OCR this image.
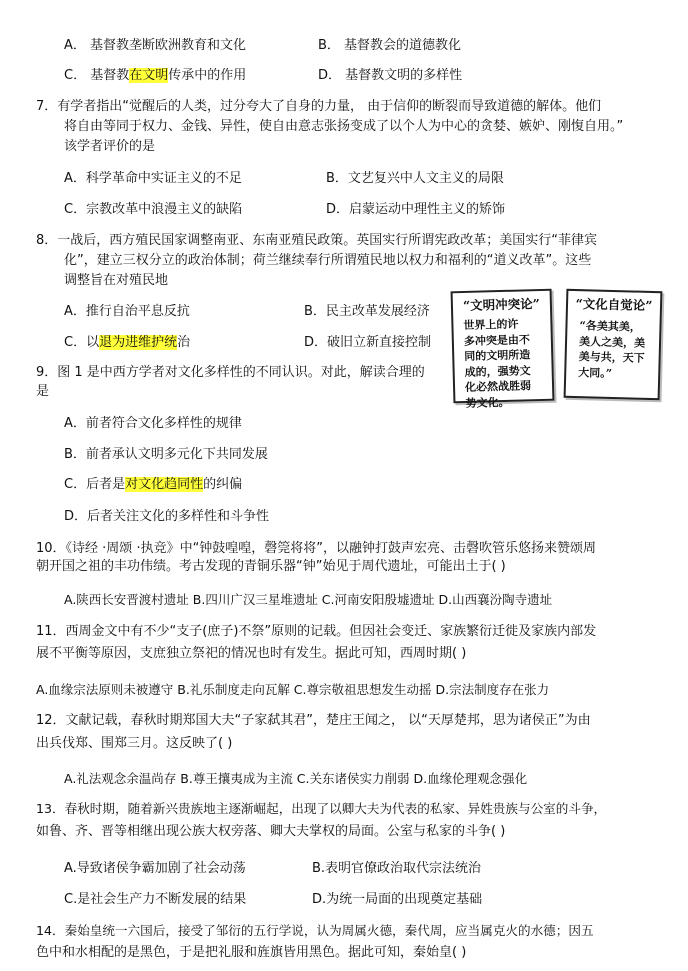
A． 基督教垄断欧洲教育和文化	B． 基督教会的道德教化
C． 基督教在文明传承中的作用	D． 基督教文明的多样性
7．有学者指出“觉醒后的人类，过分夸大了自身的力量， 由于信仰的断裂而导致道德的解体。他们
将自由等同于权力、金钱、异性，使自由意志张扬变成了以个人为中心的贪婪、嫉妒、刚愎自用。”
该学者评价的是
A．科学革命中实证主义的不足	B．文艺复兴中人文主义的局限
C．宗教改革中浪漫主义的缺陷	D．启蒙运动中理性主义的矫饰
8．一战后，西方殖民国家调整南亚、东南亚殖民政策。英国实行所谓宪政改革；美国实行“菲律宾
化”，建立三权分立的政治体制；荷兰继续奉行所谓殖民地以权力和福利的“道义改革”。这些
调整旨在对殖民地
A．推行自治平息反抗	B．民主改革发展经济
C．以退为进维护统治	D．破旧立新直接控制
“文明冲突论”
世界上的许
多冲突是由不
同的文明所造
成的，强势文
化必然战胜弱
势文化。
“文化自觉论”
“各美其美，
美人之美，美
美与共，天下
大同。”
9．图 1 是中西方学者对文化多样性的不同认识。对此，解读合理的
是
A．前者符合文化多样性的规律
B．前者承认文明多元化下共同发展
C．后者是对文化趋同性的纠偏
D．后者关注文化的多样性和斗争性
10．《诗经 ·周颂 ·执竞》中“钟鼓喤喤，磬筦将将”，以融钟打鼓声宏亮、击磬吹管乐悠扬来赞颂周
朝开国之祖的丰功伟绩。考古发现的青铜乐器“钟”始见于周代遗址，可能出土于( )
A.陕西长安晋渡村遗址 B.四川广汉三星堆遗址 C.河南安阳殷墟遗址 D.山西襄汾陶寺遗址
11．西周金文中有不少“支子(庶子)不祭”原则的记载。但因社会变迁、家族繁衍迁徙及家族内部发
展不平衡等原因，支庶独立祭祀的情况也时有发生。据此可知，西周时期( )
A.血缘宗法原则未被遵守 B.礼乐制度走向瓦解 C.尊宗敬祖思想发生动摇 D.宗法制度存在张力
12．文献记载，春秋时期郑国大夫“子家弑其君”，楚庄王闻之， 以“天厚楚邦，思为诸侯正”为由
出兵伐郑、围郑三月。这反映了( )
A.礼法观念余温尚存 B.尊王攘夷成为主流 C.关东诸侯实力削弱 D.血缘伦理观念强化
13．春秋时期，随着新兴贵族地主逐渐崛起，出现了以卿大夫为代表的私家、异姓贵族与公室的斗争，
如鲁、齐、晋等相继出现公族大权旁落、卿大夫掌权的局面。公室与私家的斗争( )
A.导致诸侯争霸加剧了社会动荡	B.表明官僚政治取代宗法统治
C.是社会生产力不断发展的结果	D.为统一局面的出现奠定基础
14．秦始皇统一六国后，接受了邹衍的五行学说，认为周属火德，秦代周，应当属克火的水德；因五
色中和水相配的是黑色，于是把礼服和旌旗皆用黑色。据此可知，秦始皇( )
